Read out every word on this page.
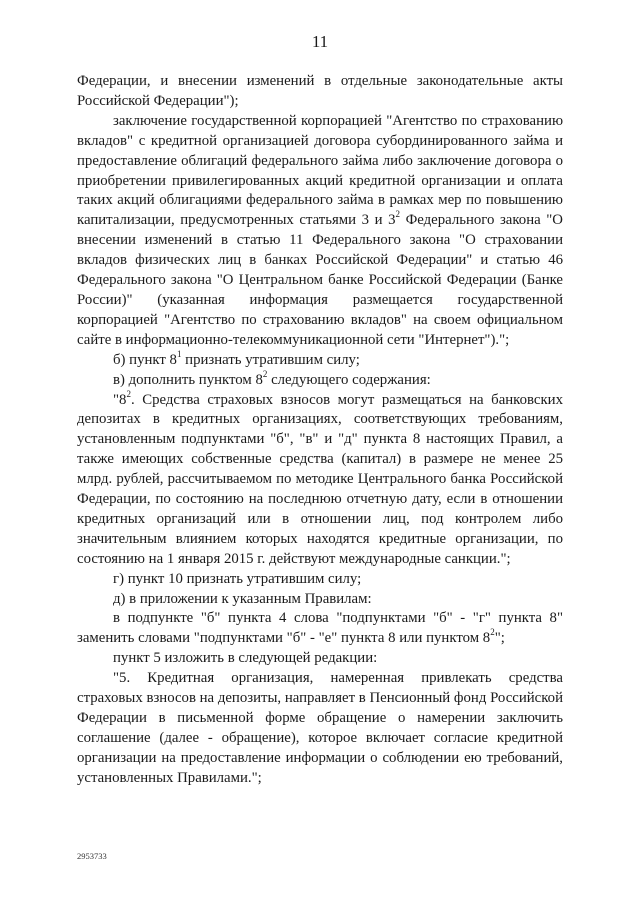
11

Федерации, и внесении изменений в отдельные законодательные акты Российской Федерации");

заключение государственной корпорацией "Агентство по страхованию вкладов" с кредитной организацией договора субординированного займа и предоставление облигаций федерального займа либо заключение договора о приобретении привилегированных акций кредитной организации и оплата таких акций облигациями федерального займа в рамках мер по повышению капитализации, предусмотренных статьями 3 и $3^2$ Федерального закона "О внесении изменений в статью 11 Федерального закона "О страховании вкладов физических лиц в банках Российской Федерации" и статью 46 Федерального закона "О Центральном банке Российской Федерации (Банке России)" (указанная информация размещается государственной корпорацией "Агентство по страхованию вкладов" на своем официальном сайте в информационно-телекоммуникационной сети "Интернет").";

б) пункт $8^1$ признать утратившим силу;

в) дополнить пунктом $8^2$ следующего содержания:

"$8^2$. Средства страховых взносов могут размещаться на банковских депозитах в кредитных организациях, соответствующих требованиям, установленным подпунктами "б", "в" и "д" пункта 8 настоящих Правил, а также имеющих собственные средства (капитал) в размере не менее 25 млрд. рублей, рассчитываемом по методике Центрального банка Российской Федерации, по состоянию на последнюю отчетную дату, если в отношении кредитных организаций или в отношении лиц, под контролем либо значительным влиянием которых находятся кредитные организации, по состоянию на 1 января 2015 г. действуют международные санкции.";

г) пункт 10 признать утратившим силу;

д) в приложении к указанным Правилам:

в подпункте "б" пункта 4 слова "подпунктами "б" - "г" пункта 8" заменить словами "подпунктами "б" - "е" пункта 8 или пунктом $8^2$";

пункт 5 изложить в следующей редакции:

"5. Кредитная организация, намеренная привлекать средства страховых взносов на депозиты, направляет в Пенсионный фонд Российской Федерации в письменной форме обращение о намерении заключить соглашение (далее - обращение), которое включает согласие кредитной организации на предоставление информации о соблюдении ею требований, установленных Правилами.";

2953733
